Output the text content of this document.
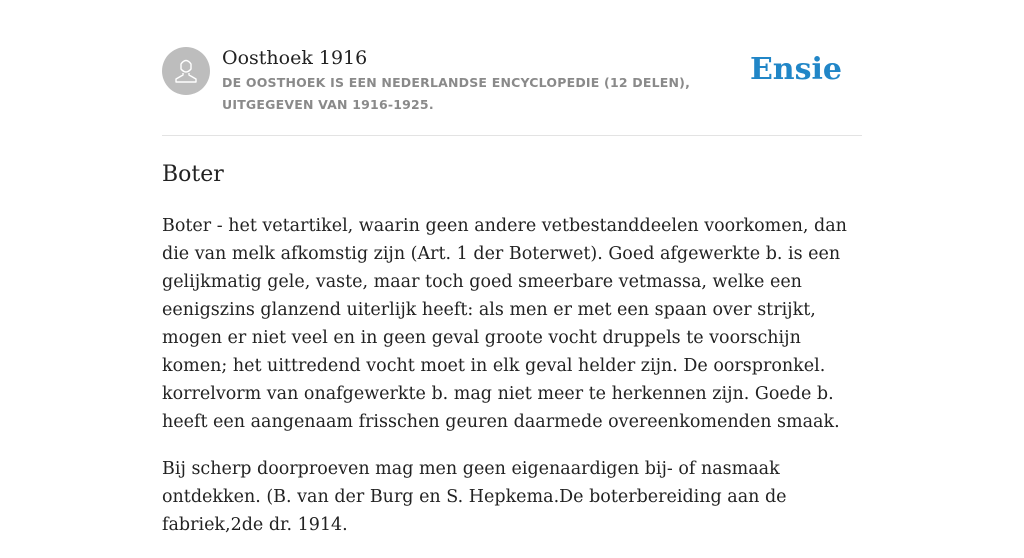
Oosthoek 1916
DE OOSTHOEK IS EEN NEDERLANDSE ENCYCLOPEDIE (12 DELEN), UITGEGEVEN VAN 1916-1925.
Ensie
Boter

Boter - het vetartikel, waarin geen andere vetbestanddeelen voorkomen, dan die van melk afkomstig zijn (Art. 1 der Boterwet). Goed afgewerkte b. is een gelijkmatig gele, vaste, maar toch goed smeerbare vetmassa, welke een eenigszins glanzend uiterlijk heeft: als men er met een spaan over strijkt, mogen er niet veel en in geen geval groote vocht druppels te voorschijn komen; het uittredend vocht moet in elk geval helder zijn. De oorspronkel. korrelvorm van onafgewerkte b. mag niet meer te herkennen zijn. Goede b. heeft een aangenaam frisschen geuren daarmede overeenkomenden smaak.

Bij scherp doorproeven mag men geen eigenaardigen bij- of nasmaak ontdekken. (B. van der Burg en S. Hepkema.De boterbereiding aan de fabriek,2de dr. 1914.
